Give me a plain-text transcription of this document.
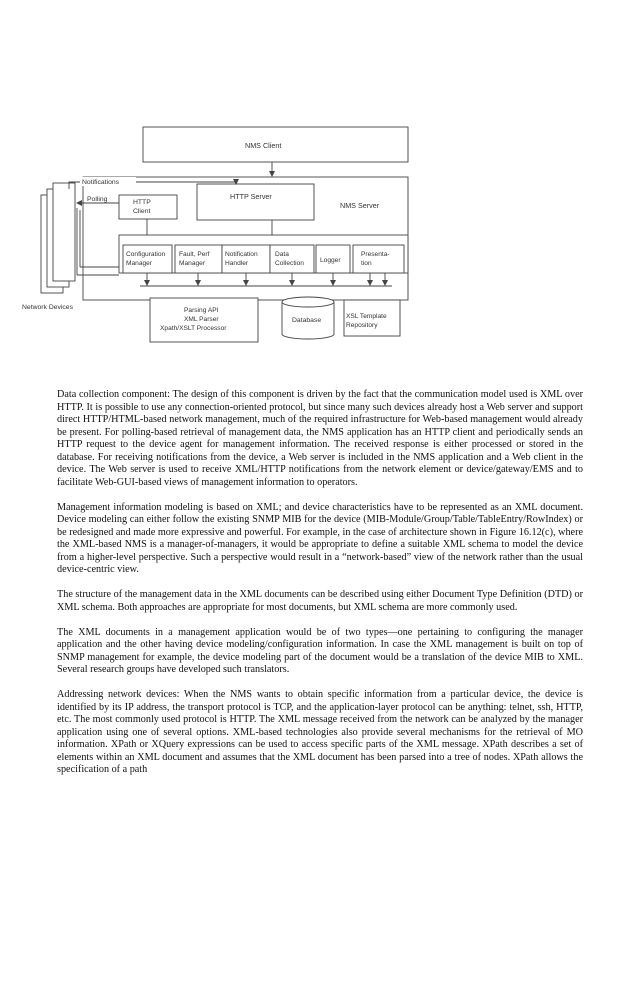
NMS Client
NMS Server
HTTP Server
HTTP
Client
Network Devices
Notifications
Polling
Configuration
Manager
Fault, Perf
Manager
Notification
Handler
Data
Collection Logger
Presenta-
tion
Parsing API
XML Parser
Xpath/XSLT Processor
Database
XSL Template
Repository

Data collection component: The design of this component is driven by the fact that the communication model used is XML over HTTP. It is possible to use any connection-oriented protocol, but since many such devices already host a Web server and support direct HTTP/HTML-based network management, much of the required infrastructure for Web-based management would already be present. For polling-based retrieval of management data, the NMS application has an HTTP client and periodically sends an HTTP request to the device agent for management information. The received response is either processed or stored in the database. For receiving notifications from the device, a Web server is included in the NMS application and a Web client in the device. The Web server is used to receive XML/HTTP notifications from the network element or device/gateway/EMS and to facilitate Web-GUI-based views of management information to operators.

Management information modeling is based on XML; and device characteristics have to be represented as an XML document. Device modeling can either follow the existing SNMP MIB for the device (MIB-Module/Group/Table/TableEntry/RowIndex) or be redesigned and made more expressive and powerful. For example, in the case of architecture shown in Figure 16.12(c), where the XML-based NMS is a manager-of-managers, it would be appropriate to define a suitable XML schema to model the device from a higher-level perspective. Such a perspective would result in a “network-based” view of the network rather than the usual device-centric view.

The structure of the management data in the XML documents can be described using either Document Type Definition (DTD) or XML schema. Both approaches are appropriate for most documents, but XML schema are more commonly used.

The XML documents in a management application would be of two types—one pertaining to configuring the manager application and the other having device modeling/configuration information. In case the XML management is built on top of SNMP management for example, the device modeling part of the document would be a translation of the device MIB to XML. Several research groups have developed such translators.

Addressing network devices: When the NMS wants to obtain specific information from a particular device, the device is identified by its IP address, the transport protocol is TCP, and the application-layer protocol can be anything: telnet, ssh, HTTP, etc. The most commonly used protocol is HTTP. The XML message received from the network can be analyzed by the manager application using one of several options. XML-based technologies also provide several mechanisms for the retrieval of MO information. XPath or XQuery expressions can be used to access specific parts of the XML message. XPath describes a set of elements within an XML document and assumes that the XML document has been parsed into a tree of nodes. XPath allows the specification of a path
